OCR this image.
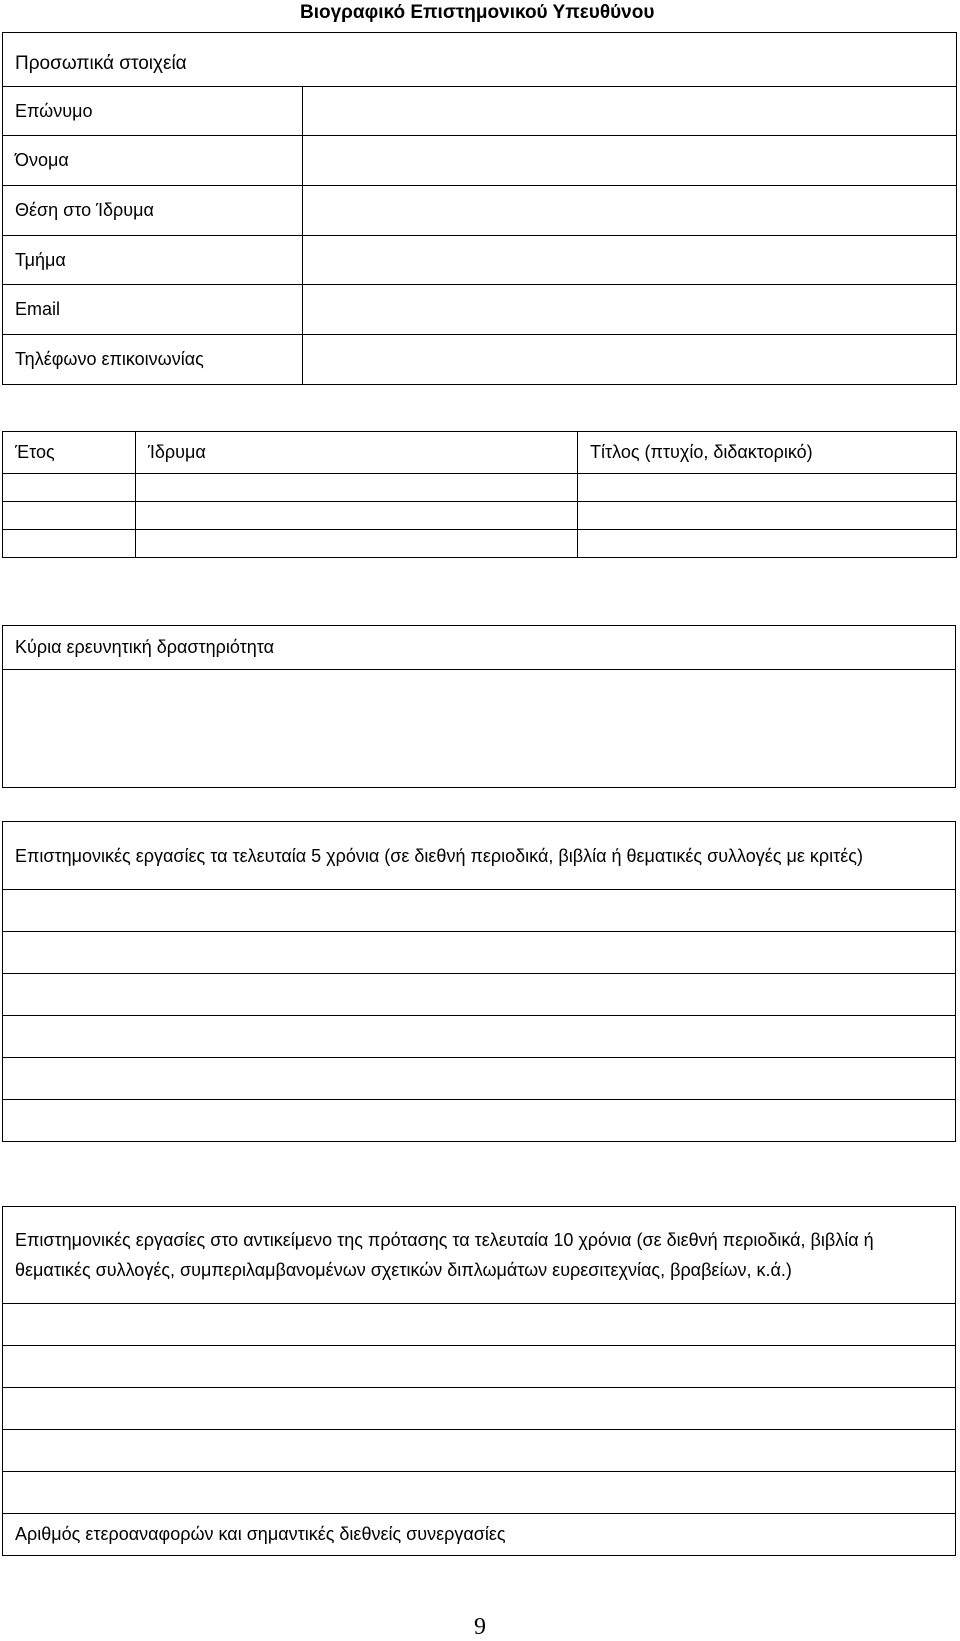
Βιογραφικό Επιστημονικού Υπευθύνου
Προσωπικά στοιχεία	
Επώνυμο	
Όνομα	
Θέση στο Ίδρυμα	
Τμήμα	
Email	
Τηλέφωνο επικοινωνίας	
Έτος	Ίδρυμα	Τίτλος (πτυχίο, διδακτορικό)

Κύρια ερευνητική δραστηριότητα

Επιστημονικές εργασίες τα τελευταία 5 χρόνια (σε διεθνή περιοδικά, βιβλία ή θεματικές συλλογές με κριτές)

Επιστημονικές εργασίες στο αντικείμενο της πρότασης τα τελευταία 10 χρόνια (σε διεθνή περιοδικά, βιβλία ή θεματικές συλλογές, συμπεριλαμβανομένων σχετικών διπλωμάτων ευρεσιτεχνίας, βραβείων, κ.ά.)

Αριθμός ετεροαναφορών και σημαντικές διεθνείς συνεργασίες
9
